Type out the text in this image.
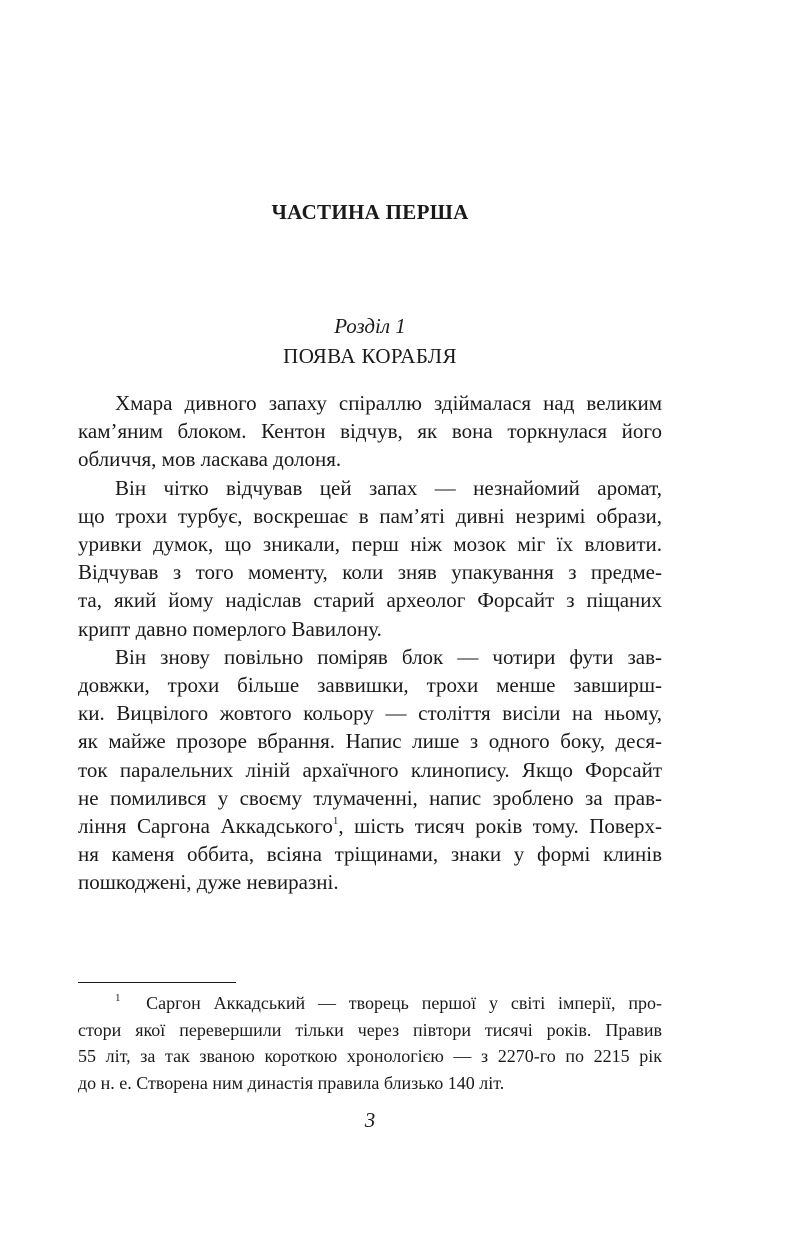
ЧАСТИНА ПЕРША
Розділ 1
ПОЯВА КОРАБЛЯ
Хмара дивного запаху спіраллю здіймалася над великим
кам’яним блоком. Кентон відчув, як вона торкнулася його
обличчя, мов ласкава долоня.
Він чітко відчував цей запах — незнайомий аромат,
що трохи турбує, воскрешає в пам’яті дивні незримі образи,
уривки думок, що зникали, перш ніж мозок міг їх вловити.
Відчував з того моменту, коли зняв упакування з предме-
та, який йому надіслав старий археолог Форсайт з піщаних
крипт давно померлого Вавилону.
Він знову повільно поміряв блок — чотири фути зав-
довжки, трохи більше заввишки, трохи менше завширш-
ки. Вицвілого жовтого кольору — століття висіли на ньому,
як майже прозоре вбрання. Напис лише з одного боку, деся-
ток паралельних ліній архаїчного клинопису. Якщо Форсайт
не помилився у своєму тлумаченні, напис зроблено за прав-
ління Саргона Аккадського$^1$, шість тисяч років тому. Поверх-
ня каменя оббита, всіяна тріщинами, знаки у формі клинів
пошкоджені, дуже невиразні.
$^1$ Саргон Аккадський — творець першої у світі імперії, про-
стори якої перевершили тільки через півтори тисячі років. Правив
55 літ, за так званою короткою хронологією — з 2270-го по 2215 рік
до н. е. Створена ним династія правила близько 140 літ.
3
